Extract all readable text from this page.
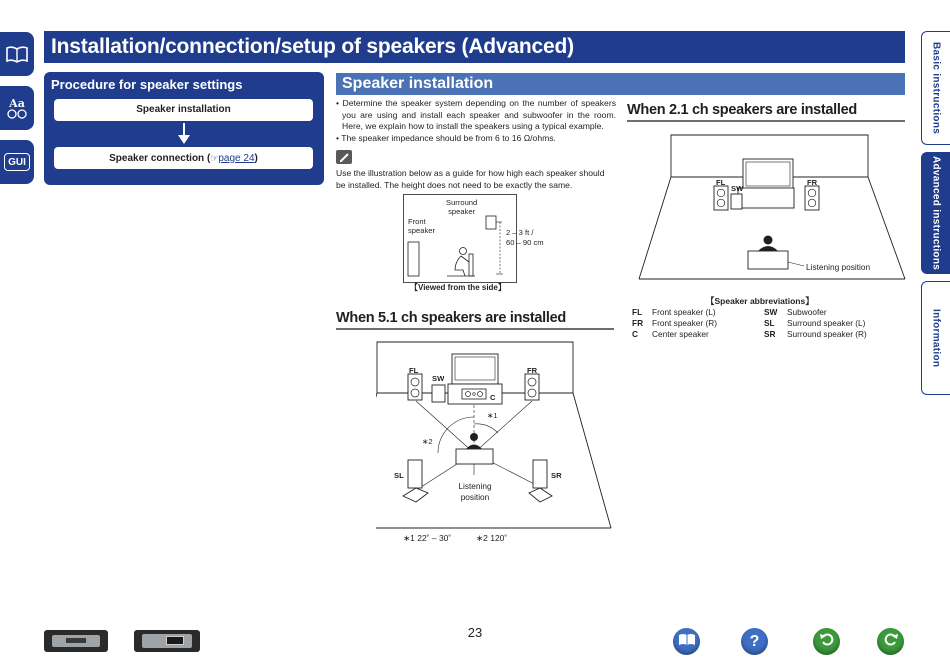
Aa
GUI
Installation/connection/setup of speakers (Advanced)	Basic instructions
Advanced instructions
Information
Procedure for speaker settings
Speaker installation
Speaker connection (☞page 24)
Speaker installation

• Determine the speaker system depending on the number of speakers you are using and install each speaker and subwoofer in the room. Here, we explain how to install the speakers using a typical example.

• The speaker impedance should be from 6 to 16 Ω/ohms.

Use the illustration below as a guide for how high each speaker should be installed. The height does not need to be exactly the same.
Surround
speaker
Front
speaker	2 – 3 ft /
60 – 90 cm
【Viewed from the side】
When 5.1 ch speakers are installed
FL
SW
FR
C
∗1
∗2
SL	SR
Listening
position
∗1 22˚ – 30˚	∗2 120˚
When 2.1 ch speakers are installed
FL
SW
FR
Listening position
【Speaker abbreviations】
FL Front speaker (L)
FR Front speaker (R)
C Center speaker
SW Subwoofer
SL Surround speaker (L)
SR Surround speaker (R)
23	?
